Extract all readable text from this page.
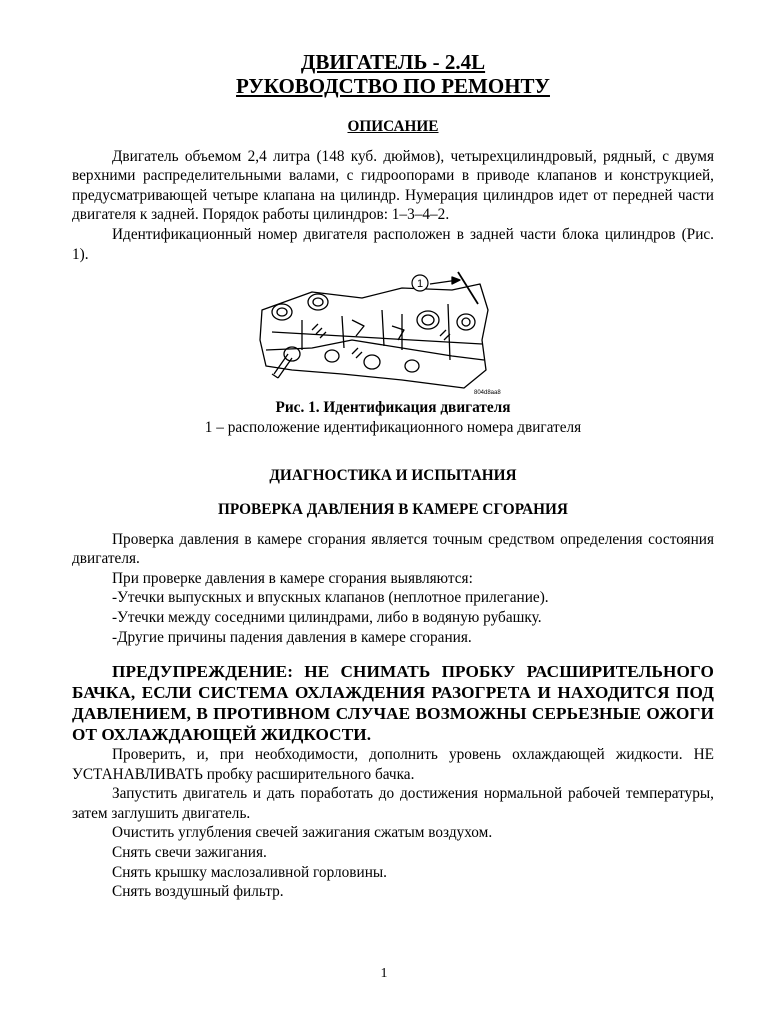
ДВИГАТЕЛЬ - 2.4L

РУКОВОДСТВО ПО РЕМОНТУ

ОПИСАНИЕ

Двигатель объемом 2,4 литра (148 куб. дюймов), четырехцилиндровый, рядный, с двумя верхними распределительными валами, с гидроопорами в приводе клапанов и конструкцией, предусматривающей четыре клапана на цилиндр. Нумерация цилиндров идет от передней части двигателя к задней. Порядок работы цилиндров: 1–3–4–2.

Идентификационный номер двигателя расположен в задней части блока цилиндров (Рис. 1).

1
804d8aa8

Рис. 1. Идентификация двигателя

1 – расположение идентификационного номера двигателя

ДИАГНОСТИКА И ИСПЫТАНИЯ

ПРОВЕРКА ДАВЛЕНИЯ В КАМЕРЕ СГОРАНИЯ

Проверка давления в камере сгорания является точным средством определения состояния двигателя.

При проверке давления в камере сгорания выявляются:

-Утечки выпускных и впускных клапанов (неплотное прилегание).

-Утечки между соседними цилиндрами, либо в водяную рубашку.

-Другие причины падения давления в камере сгорания.

ПРЕДУПРЕЖДЕНИЕ: НЕ СНИМАТЬ ПРОБКУ РАСШИРИТЕЛЬНОГО БАЧКА, ЕСЛИ СИСТЕМА ОХЛАЖДЕНИЯ РАЗОГРЕТА И НАХОДИТСЯ ПОД ДАВЛЕНИЕМ, В ПРОТИВНОМ СЛУЧАЕ ВОЗМОЖНЫ СЕРЬЕЗНЫЕ ОЖОГИ ОТ ОХЛАЖДАЮЩЕЙ ЖИДКОСТИ.

Проверить, и, при необходимости, дополнить уровень охлаждающей жидкости. НЕ УСТАНАВЛИВАТЬ пробку расширительного бачка.

Запустить двигатель и дать поработать до достижения нормальной рабочей температуры, затем заглушить двигатель.

Очистить углубления свечей зажигания сжатым воздухом.

Снять свечи зажигания.

Снять крышку маслозаливной горловины.

Снять воздушный фильтр.

1
